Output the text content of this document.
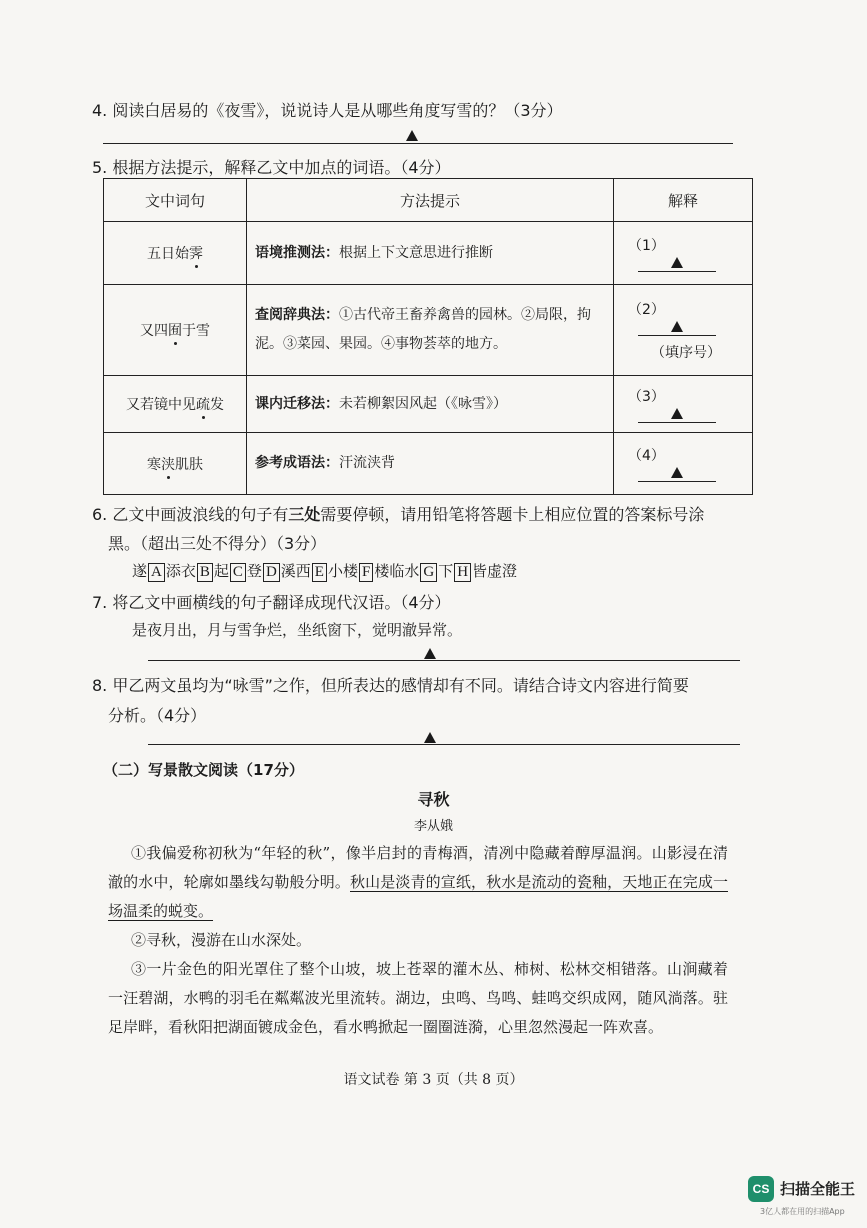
4. 阅读白居易的《夜雪》，说说诗人是从哪些角度写雪的？（3分）
5. 根据方法提示，解释乙文中加点的词语。（4分）
文中词句	方法提示	解释
五日始霁	语境推测法：根据上下文意思进行推断	（1）

又四囿于雪	查阅辞典法：①古代帝王畜养禽兽的园林。②局限，拘泥。③菜园、果园。④事物荟萃的地方。	（2）
（填序号）

又若镜中见疏发	课内迁移法：未若柳絮因风起（《咏雪》）	（3）

寒浃肌肤	参考成语法：汗流浃背	（4）
6. 乙文中画波浪线的句子有三处需要停顿，请用铅笔将答题卡上相应位置的答案标号涂
黑。（超出三处不得分）（3分）
遂 A 添衣 B 起 C 登 D 溪西 E 小楼 F 楼临水 G 下 H 皆虚澄
7. 将乙文中画横线的句子翻译成现代汉语。（4分）
是夜月出，月与雪争烂，坐纸窗下，觉明澈异常。
8. 甲乙两文虽均为“咏雪”之作，但所表达的感情却有不同。请结合诗文内容进行简要
分析。（4分）
（二）写景散文阅读（17分）
寻秋
李从娥
①我偏爱称初秋为“年轻的秋”，像半启封的青梅酒，清冽中隐藏着醇厚温润。山影浸在清澈的水中，轮廓如墨线勾勒般分明。秋山是淡青的宣纸，秋水是流动的瓷釉，天地正在完成一场温柔的蜕变。
②寻秋，漫游在山水深处。
③一片金色的阳光罩住了整个山坡，坡上苍翠的灌木丛、柿树、松林交相错落。山涧藏着一汪碧湖，水鸭的羽毛在粼粼波光里流转。湖边，虫鸣、鸟鸣、蛙鸣交织成网，随风淌落。驻足岸畔，看秋阳把湖面镀成金色，看水鸭掀起一圈圈涟漪，心里忽然漫起一阵欢喜。
语文试卷 第 3 页（共 8 页）
CS 扫描全能王
3亿人都在用的扫描App
